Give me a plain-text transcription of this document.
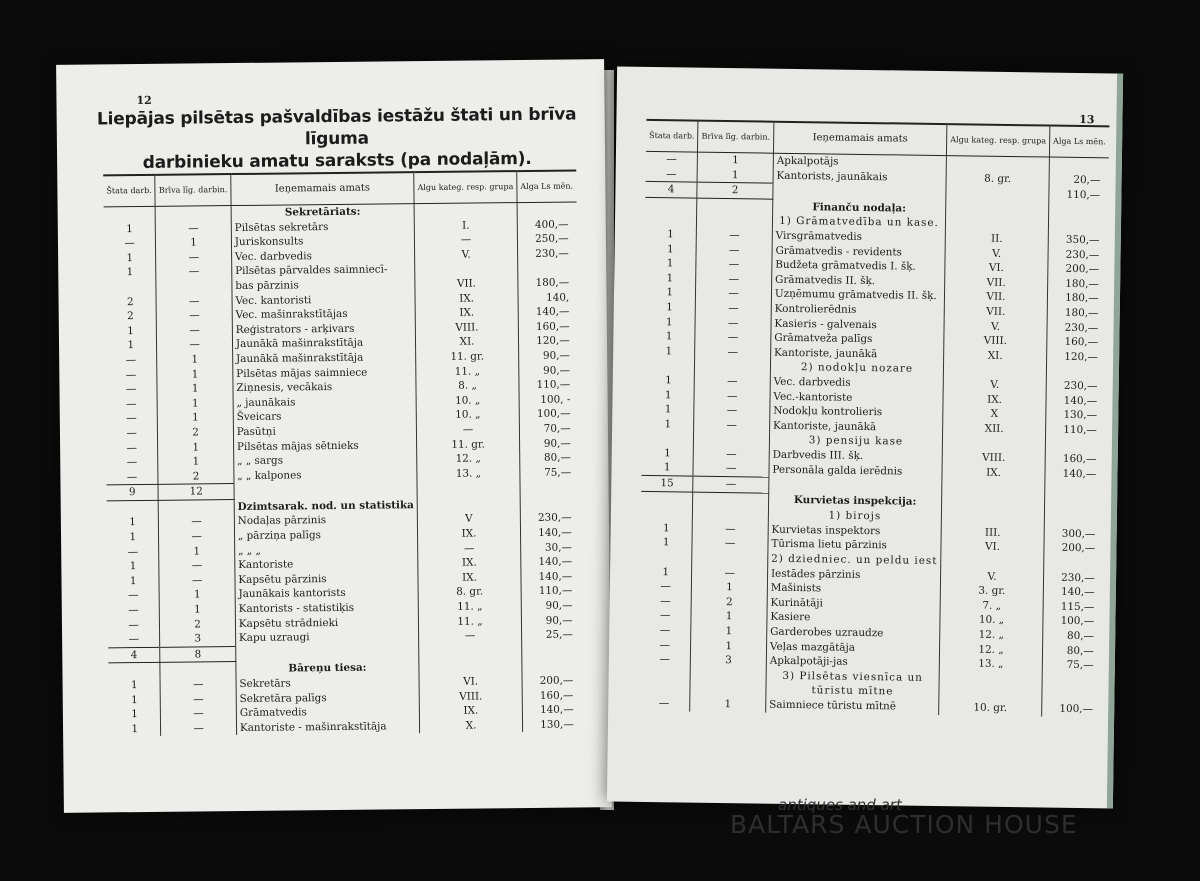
12
Liepājas pilsētas pašvaldības iestāžu štati un brīva līguma
darbinieku amatu saraksts (pa nodaļām).
Štata darb.	Brīva līg. darbin.	Ieņemamais amats	Algu kateg. resp. grupa	Alga Ls mēn.
		Sekretāriats:		
1	—	Pilsētas sekretārs	I.	400,—
—	1	Juriskonsults	—	250,—
1	—	Vec. darbvedis	V.	230,—
1	—	Pilsētas pārvaldes saimniecī-		
		bas pārzinis	VII.	180,—
2	—	Vec. kantoristi	IX.	140,
2	—	Vec. mašinrakstītājas	IX.	140,—
1	—	Reģistrators - arķivars	VIII.	160,—
1	—	Jaunākā mašinrakstītāja	XI.	120,—
—	1	Jaunākā mašinrakstītāja	11. gr.	90,—
—	1	Pilsētas mājas saimniece	11. „	90,—
—	1	Ziņnesis, vecākais	8. „	110,—
—	1	„ jaunākais	10. „	100, -
—	1	Šveicars	10. „	100,—
—	2	Pasūtņi	—	70,—
—	1	Pilsētas mājas sētnieks	11. gr.	90,—
—	1	„ „ sargs	12. „	80,—
—	2	„ „ kalpones	13. „	75,—
9	12			
		Dzimtsarak. nod. un statistika		
1	—	Nodaļas pārzinis	V	230,—
1	—	„ pārziņa palīgs	IX.	140,—
—	1	„ „ „	—	30,—
1	—	Kantoriste	IX.	140,—
1	—	Kapsētu pārzinis	IX.	140,—
—	1	Jaunākais kantorists	8. gr.	110,—
—	1	Kantorists - statistiķis	11. „	90,—
—	2	Kapsētu strādnieki	11. „	90,—
—	3	Kapu uzraugi	—	25,—
4	8			
		Bāreņu tiesa:		
1	—	Sekretārs	VI.	200,—
1	—	Sekretāra palīgs	VIII.	160,—
1	—	Grāmatvedis	IX.	140,—
1	—	Kantoriste - mašinrakstītāja	X.	130,—
13
Štata darb.	Brīva līg. darbin.	Ieņemamais amats	Algu kateg. resp. grupa	Alga Ls mēn.
—	1	Apkalpotājs		
—	1	Kantorists, jaunākais	8. gr.	20,—
4	2			110,—
		Finanču nodaļa:		
		1) Grāmatvedība un kase.		
1	—	Virsgrāmatvedis	II.	350,—
1	—	Grāmatvedis - revidents	V.	230,—
1	—	Budžeta grāmatvedis I. šķ.	VI.	200,—
1	—	Grāmatvedis II. šķ.	VII.	180,—
1	—	Uzņēmumu grāmatvedis II. šķ.	VII.	180,—
1	—	Kontrolierēdnis	VII.	180,—
1	—	Kasieris - galvenais	V.	230,—
1	—	Grāmatveža palīgs	VIII.	160,—
1	—	Kantoriste, jaunākā	XI.	120,—
		2) nodokļu nozare		
1	—	Vec. darbvedis	V.	230,—
1	—	Vec.-kantoriste	IX.	140,—
1	—	Nodokļu kontrolieris	X	130,—
1	—	Kantoriste, jaunākā	XII.	110,—
		3) pensiju kase		
1	—	Darbvedis III. šķ.	VIII.	160,—
1	—	Personāla galda ierēdnis	IX.	140,—
15	—			
		Kurvietas inspekcija:		
		1) birojs		
1	—	Kurvietas inspektors	III.	300,—
1	—	Tūrisma lietu pārzinis	VI.	200,—
		2) dziedniec. un peldu iest		
1	—	Iestādes pārzinis	V.	230,—
—	1	Mašinists	3. gr.	140,—
—	2	Kurinātāji	7. „	115,—
—	1	Kasiere	10. „	100,—
—	1	Garderobes uzraudze	12. „	80,—
—	1	Veļas mazgātāja	12. „	80,—
—	3	Apkalpotāji-jas	13. „	75,—
		3) Pilsētas viesnīca un		
		tūristu mītne		
—	1	Saimniece tūristu mītnē	10. gr.	100,—
antiques and art
BALTARS AUCTION HOUSE
